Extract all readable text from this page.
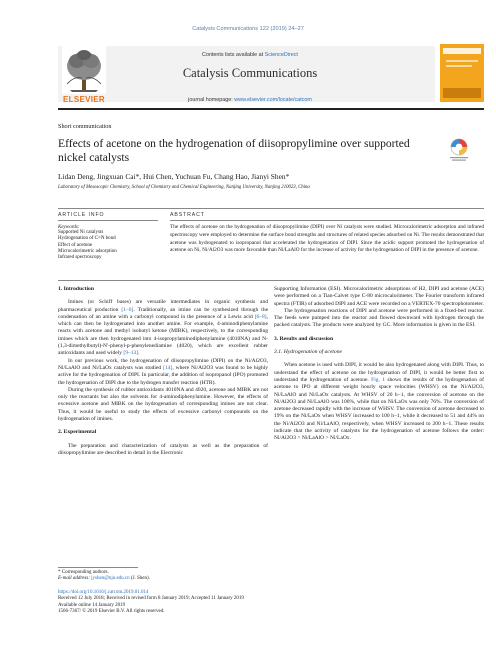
Catalysis Communications 122 (2019) 24–27
ELSEVIER
Contents lists available at ScienceDirect
Catalysis Communications
journal homepage: www.elsevier.com/locate/catcom
Short communication
Effects of acetone on the hydrogenation of diisopropylimine over supported nickel catalysts
Lidan Deng, Jingxuan Cai*, Hui Chen, Yuchuan Fu, Chang Hao, Jianyi Shen*
Laboratory of Mesoscopic Chemistry, School of Chemistry and Chemical Engineering, Nanjing University, Nanjing 210023, China
ARTICLE INFO	ABSTRACT
Keywords:
Supported Ni catalysts
Hydrogenation of C=N bond
Effect of acetone
Microcalorimetric adsorption
Infrared spectroscopy
The effects of acetone on the hydrogenation of diisopropylimine (DIPI) over Ni catalysts were studied. Microcalorimetric adsorption and infrared spectroscopy were employed to determine the surface bond strengths and structures of related species adsorbed on Ni. The results demonstrated that acetone was hydrogenated to isopropanol that accelerated the hydrogenation of DIPI. Since the acidic support promoted the hydrogenation of acetone on Ni, Ni/Al2O3 was more favorable than Ni/LaAlO for the increase of activity for the hydrogenation of DIPI in the presence of acetone.
1. Introduction

Imines (or Schiff bases) are versatile intermediates in organic synthesis and pharmaceutical production [1–6]. Traditionally, an imine can be synthesized through the condensation of an amine with a carbonyl compound in the presence of a Lewis acid [6–8], which can then be hydrogenated into another amine. For example, 4-aminodiphenylamine reacts with acetone and methyl isobutyl ketone (MIBK), respectively, to the corresponding imines which are then hydrogenated into 4-isopropylaminodiphenylamine (4010NA) and N-(1,3-dimethylbutyl)-N′-phenyl-p-phenylenediamine (4020), which are excellent rubber antioxidants and used widely [9–13].

In our previous work, the hydrogenation of diisopropylimine (DIPI) on the Ni/Al2O3, Ni/LaAlO and Ni/LaOx catalysts was studied [14], where Ni/Al2O3 was found to be highly active for the hydrogenation of DIPI. In particular, the addition of isopropanol (IPO) promoted the hydrogenation of DIPI due to the hydrogen transfer reaction (HTR).

During the synthesis of rubber antioxidants 4010NA and 4020, acetone and MIBK are not only the reactants but also the solvents for 4-aminodiphenylamine. However, the effects of excessive acetone and MIBK on the hydrogenation of corresponding imines are not clear. Thus, it would be useful to study the effects of excessive carbonyl compounds on the hydrogenation of imines.

2. Experimental

The preparation and characterization of catalysts as well as the preparation of diisopropylimine are described in detail in the Electronic

Supporting Information (ESI). Microcalorimetric adsorptions of H2, DIPI and acetone (ACE) were performed on a Tian-Calvet type C-80 microcalorimeter. The Fourier transform infrared spectra (FTIR) of adsorbed DIPI and ACE were recorded on a VERTEX-70 spectrophotometer.

The hydrogenation reactions of DIPI and acetone were performed in a fixed-bed reactor. The feeds were pumped into the reactor and flowed downward with hydrogen through the packed catalysts. The products were analyzed by GC. More information is given in the ESI.

3. Results and discussion
3.1. Hydrogenation of acetone

When acetone is used with DIPI, it would be also hydrogenated along with DIPI. Thus, to understand the effect of acetone on the hydrogenation of DIPI, it would be better first to understand the hydrogenation of acetone. Fig. 1 shows the results of the hydrogenation of acetone to IPO at different weight hourly space velocities (WHSV) on the Ni/Al2O3, Ni/LaAlO and Ni/LaOx catalysts. At WHSV of 20 h−1, the conversion of acetone on the Ni/Al2O3 and Ni/LaAlO was 100%, while that on Ni/LaOx was only 76%. The conversion of acetone decreased rapidly with the increase of WHSV. The conversion of acetone decreased to 19% on the Ni/LaOx when WHSV increased to 100 h−1, while it decreased to 51 and 44% on the Ni/Al2O3 and Ni/LaAlO, respectively, when WHSV increased to 200 h−1. These results indicate that the activity of catalysts for the hydrogenation of acetone follows the order: Ni/Al2O3 > Ni/LaAlO > Ni/LaOx.

* Corresponding authors.
E-mail address: jyshen@nju.edu.cn (J. Shen).
https://doi.org/10.1016/j.catcom.2019.01.014
Received 12 July 2018; Received in revised form 8 January 2019; Accepted 11 January 2019
Available online 14 January 2019
1566-7367/ © 2019 Elsevier B.V. All rights reserved.
